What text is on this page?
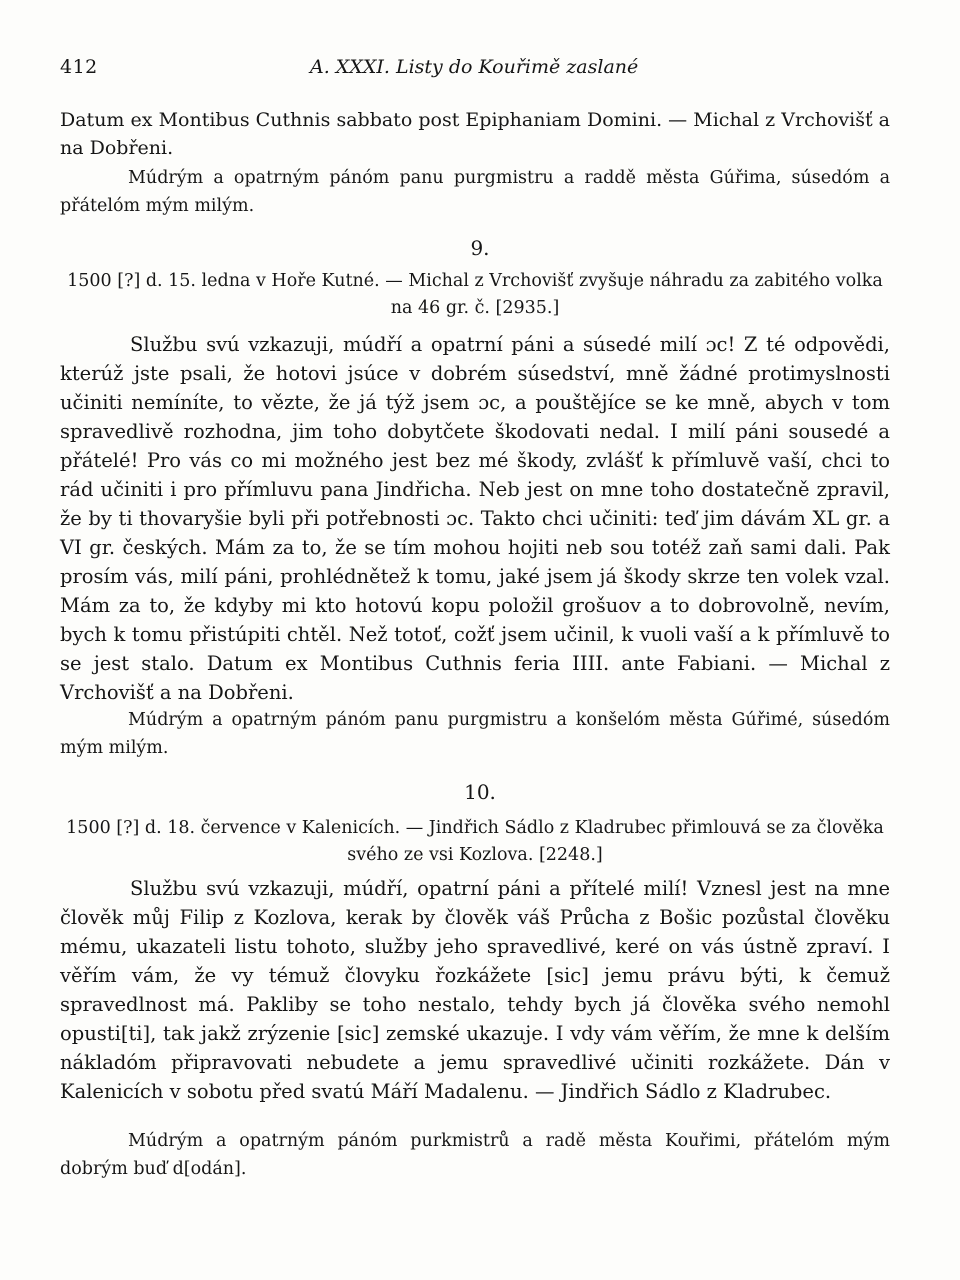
412	A. XXXI. Listy do Kouřimě zaslané

Datum ex Montibus Cuthnis sabbato post Epiphaniam Domini. — Michal z Vrchovišť a na Dobřeni.

Múdrým a opatrným pánóm panu purgmistru a raddě města Gúřima, súsedóm a přátelóm mým milým.

9.

1500 [?] d. 15. ledna v Hoře Kutné. — Michal z Vrchovišť zvyšuje náhradu za zabitého volka na 46 gr. č. [2935.]

Službu svú vzkazuji, múdří a opatrní páni a súsedé milí ɔc! Z té odpovědi, kterúž jste psali, že hotovi jsúce v dobrém súsedství, mně žádné protimyslnosti učiniti nemíníte, to vězte, že já týž jsem ɔc, a pouštějíce se ke mně, abych v tom spravedlivě rozhodna, jim toho dobytčete škodovati nedal. I milí páni sousedé a přátelé! Pro vás co mi možného jest bez mé škody, zvlášť k přímluvě vaší, chci to rád učiniti i pro přímluvu pana Jindřicha. Neb jest on mne toho dostatečně zpravil, že by ti thovaryšie byli při potřebnosti ɔc. Takto chci učiniti: teď jim dávám XL gr. a VI gr. českých. Mám za to, že se tím mohou hojiti neb sou totéž zaň sami dali. Pak prosím vás, milí páni, prohlédnětež k tomu, jaké jsem já škody skrze ten volek vzal. Mám za to, že kdyby mi kto hotovú kopu položil grošuov a to dobrovolně, nevím, bych k tomu přistúpiti chtěl. Než totoť, cožť jsem učinil, k vuoli vaší a k přímluvě to se jest stalo. Datum ex Montibus Cuthnis feria IIII. ante Fabiani. — Michal z Vrchovišť a na Dobřeni.

Múdrým a opatrným pánóm panu purgmistru a konšelóm města Gúřimé, súsedóm mým milým.

10.

1500 [?] d. 18. července v Kalenicích. — Jindřich Sádlo z Kladrubec přimlouvá se za člověka svého ze vsi Kozlova. [2248.]

Službu svú vzkazuji, múdří, opatrní páni a přítelé milí! Vznesl jest na mne člověk můj Filip z Kozlova, kerak by člověk váš Průcha z Bošic pozůstal člověku mému, ukazateli listu tohoto, služby jeho spravedlivé, keré on vás ústně zpraví. I věřím vám, že vy témuž človyku řozkážete [sic] jemu právu býti, k čemuž spravedlnost má. Pakliby se toho nestalo, tehdy bych já člověka svého nemohl opusti[ti], tak jakž zrýzenie [sic] zemské ukazuje. I vdy vám věřím, že mne k delším nákladóm připravovati nebudete a jemu spravedlivé učiniti rozkážete. Dán v Kalenicích v sobotu před svatú Máří Madalenu. — Jindřich Sádlo z Kladrubec.

Múdrým a opatrným pánóm purkmistrů a radě města Kouřimi, přátelóm mým dobrým buď d[odán].
